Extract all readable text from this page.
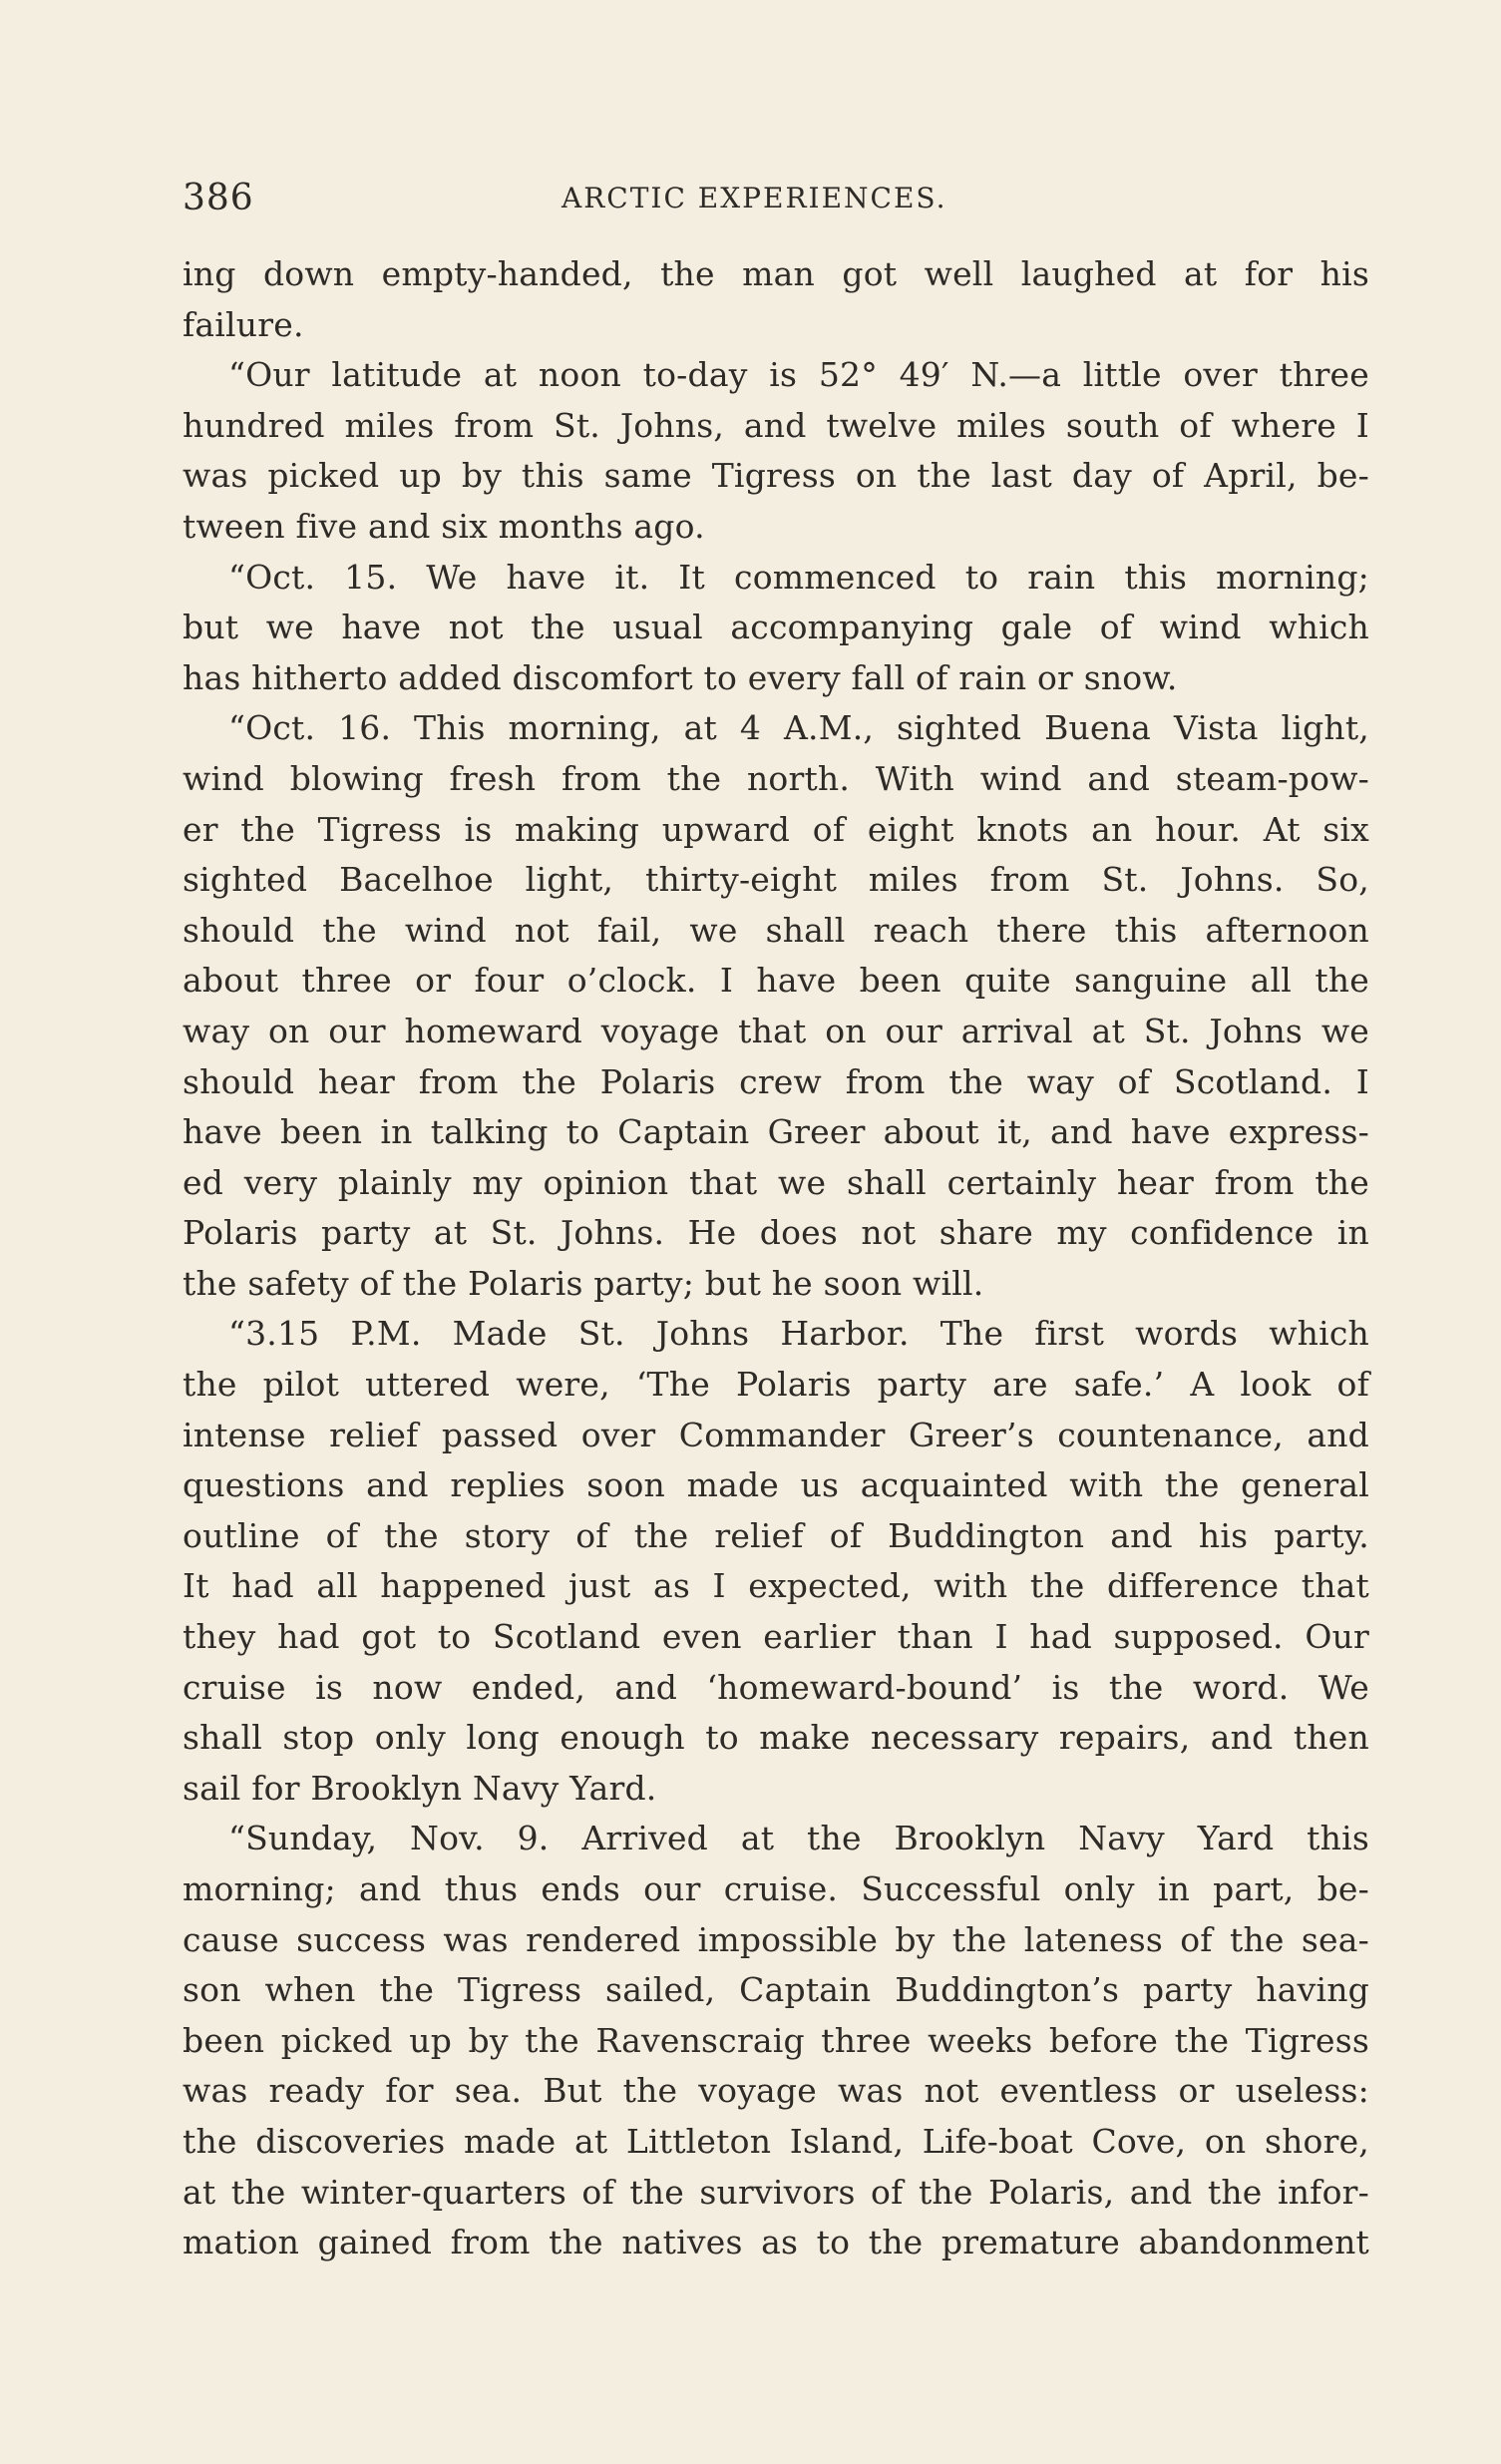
386	ARCTIC EXPERIENCES.
ing down empty-handed, the man got well laughed at for his
failure.
“Our latitude at noon to-day is 52° 49′ N.—a little over three
hundred miles from St. Johns, and twelve miles south of where I
was picked up by this same Tigress on the last day of April, be-
tween five and six months ago.
“Oct. 15. We have it. It commenced to rain this morning;
but we have not the usual accompanying gale of wind which
has hitherto added discomfort to every fall of rain or snow.
“Oct. 16. This morning, at 4 A.M., sighted Buena Vista light,
wind blowing fresh from the north. With wind and steam-pow-
er the Tigress is making upward of eight knots an hour. At six
sighted Bacelhoe light, thirty-eight miles from St. Johns. So,
should the wind not fail, we shall reach there this afternoon
about three or four o’clock. I have been quite sanguine all the
way on our homeward voyage that on our arrival at St. Johns we
should hear from the Polaris crew from the way of Scotland. I
have been in talking to Captain Greer about it, and have express-
ed very plainly my opinion that we shall certainly hear from the
Polaris party at St. Johns. He does not share my confidence in
the safety of the Polaris party; but he soon will.
“3.15 P.M. Made St. Johns Harbor. The first words which
the pilot uttered were, ‘The Polaris party are safe.’ A look of
intense relief passed over Commander Greer’s countenance, and
questions and replies soon made us acquainted with the general
outline of the story of the relief of Buddington and his party.
It had all happened just as I expected, with the difference that
they had got to Scotland even earlier than I had supposed. Our
cruise is now ended, and ‘homeward-bound’ is the word. We
shall stop only long enough to make necessary repairs, and then
sail for Brooklyn Navy Yard.
“Sunday, Nov. 9. Arrived at the Brooklyn Navy Yard this
morning; and thus ends our cruise. Successful only in part, be-
cause success was rendered impossible by the lateness of the sea-
son when the Tigress sailed, Captain Buddington’s party having
been picked up by the Ravenscraig three weeks before the Tigress
was ready for sea. But the voyage was not eventless or useless:
the discoveries made at Littleton Island, Life-boat Cove, on shore,
at the winter-quarters of the survivors of the Polaris, and the infor-
mation gained from the natives as to the premature abandonment
